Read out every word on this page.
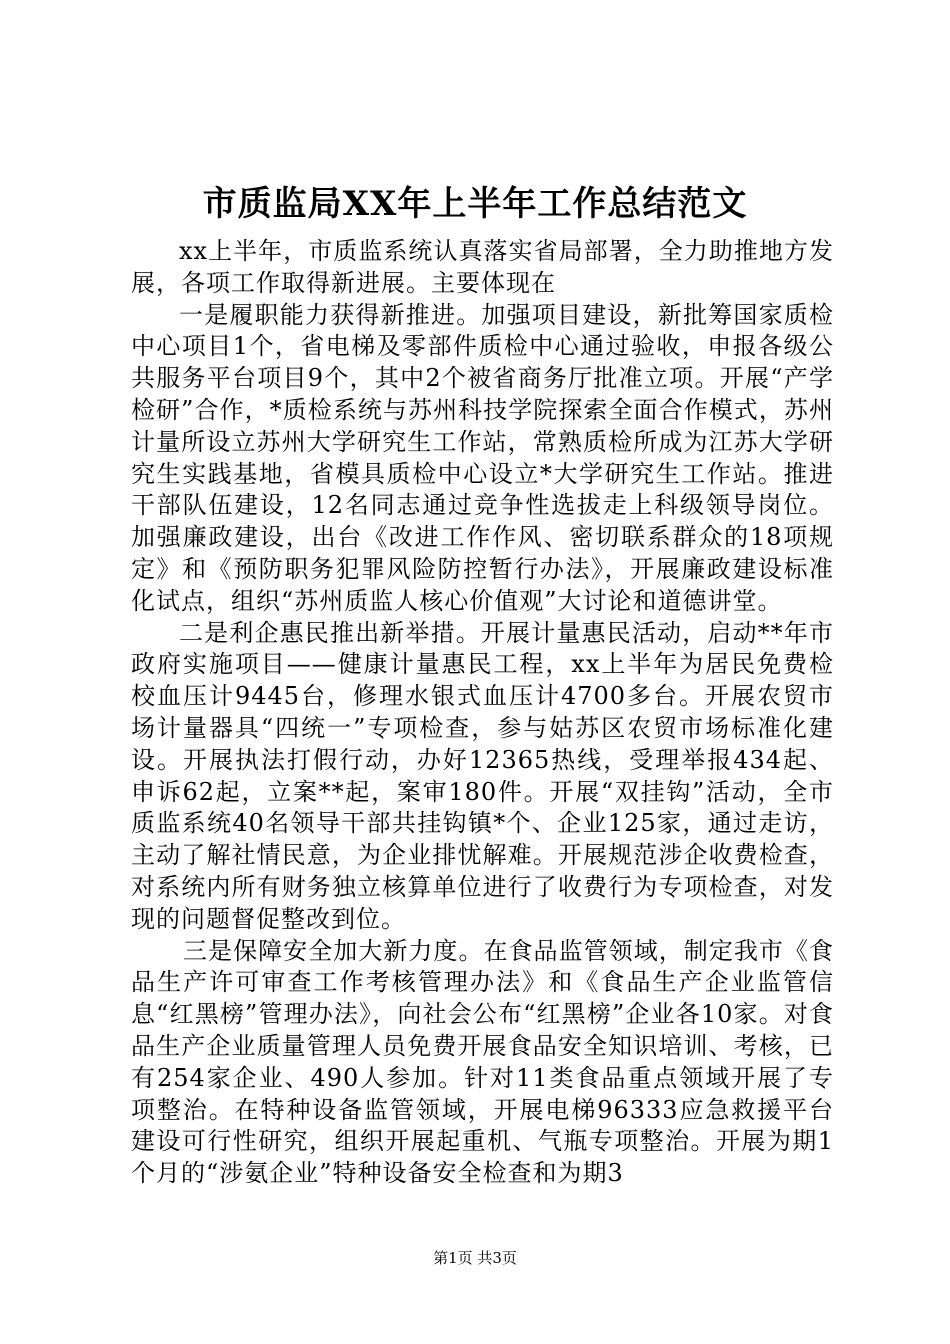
市质监局XX年上半年工作总结范文

xx上半年，市质监系统认真落实省局部署，全力助推地方发展，各项工作取得新进展。主要体现在

一是履职能力获得新推进。加强项目建设，新批筹国家质检中心项目1个，省电梯及零部件质检中心通过验收，申报各级公共服务平台项目9个，其中2个被省商务厅批准立项。开展“产学检研”合作，*质检系统与苏州科技学院探索全面合作模式，苏州计量所设立苏州大学研究生工作站，常熟质检所成为江苏大学研究生实践基地，省模具质检中心设立*大学研究生工作站。推进干部队伍建设，12名同志通过竞争性选拔走上科级领导岗位。加强廉政建设，出台《改进工作作风、密切联系群众的18项规定》和《预防职务犯罪风险防控暂行办法》，开展廉政建设标准化试点，组织“苏州质监人核心价值观”大讨论和道德讲堂。

二是利企惠民推出新举措。开展计量惠民活动，启动**年市政府实施项目——健康计量惠民工程，xx上半年为居民免费检校血压计9445台，修理水银式血压计4700多台。开展农贸市场计量器具“四统一”专项检查，参与姑苏区农贸市场标准化建设。开展执法打假行动，办好12365热线，受理举报434起、申诉62起，立案**起，案审180件。开展“双挂钩”活动，全市质监系统40名领导干部共挂钩镇*个、企业125家，通过走访，主动了解社情民意，为企业排忧解难。开展规范涉企收费检查，对系统内所有财务独立核算单位进行了收费行为专项检查，对发现的问题督促整改到位。

三是保障安全加大新力度。在食品监管领域，制定我市《食品生产许可审查工作考核管理办法》和《食品生产企业监管信息“红黑榜”管理办法》，向社会公布“红黑榜”企业各10家。对食品生产企业质量管理人员免费开展食品安全知识培训、考核，已有254家企业、490人参加。针对11类食品重点领域开展了专项整治。在特种设备监管领域，开展电梯96333应急救援平台建设可行性研究，组织开展起重机、气瓶专项整治。开展为期1个月的“涉氨企业”特种设备安全检查和为期3

第1页 共3页
